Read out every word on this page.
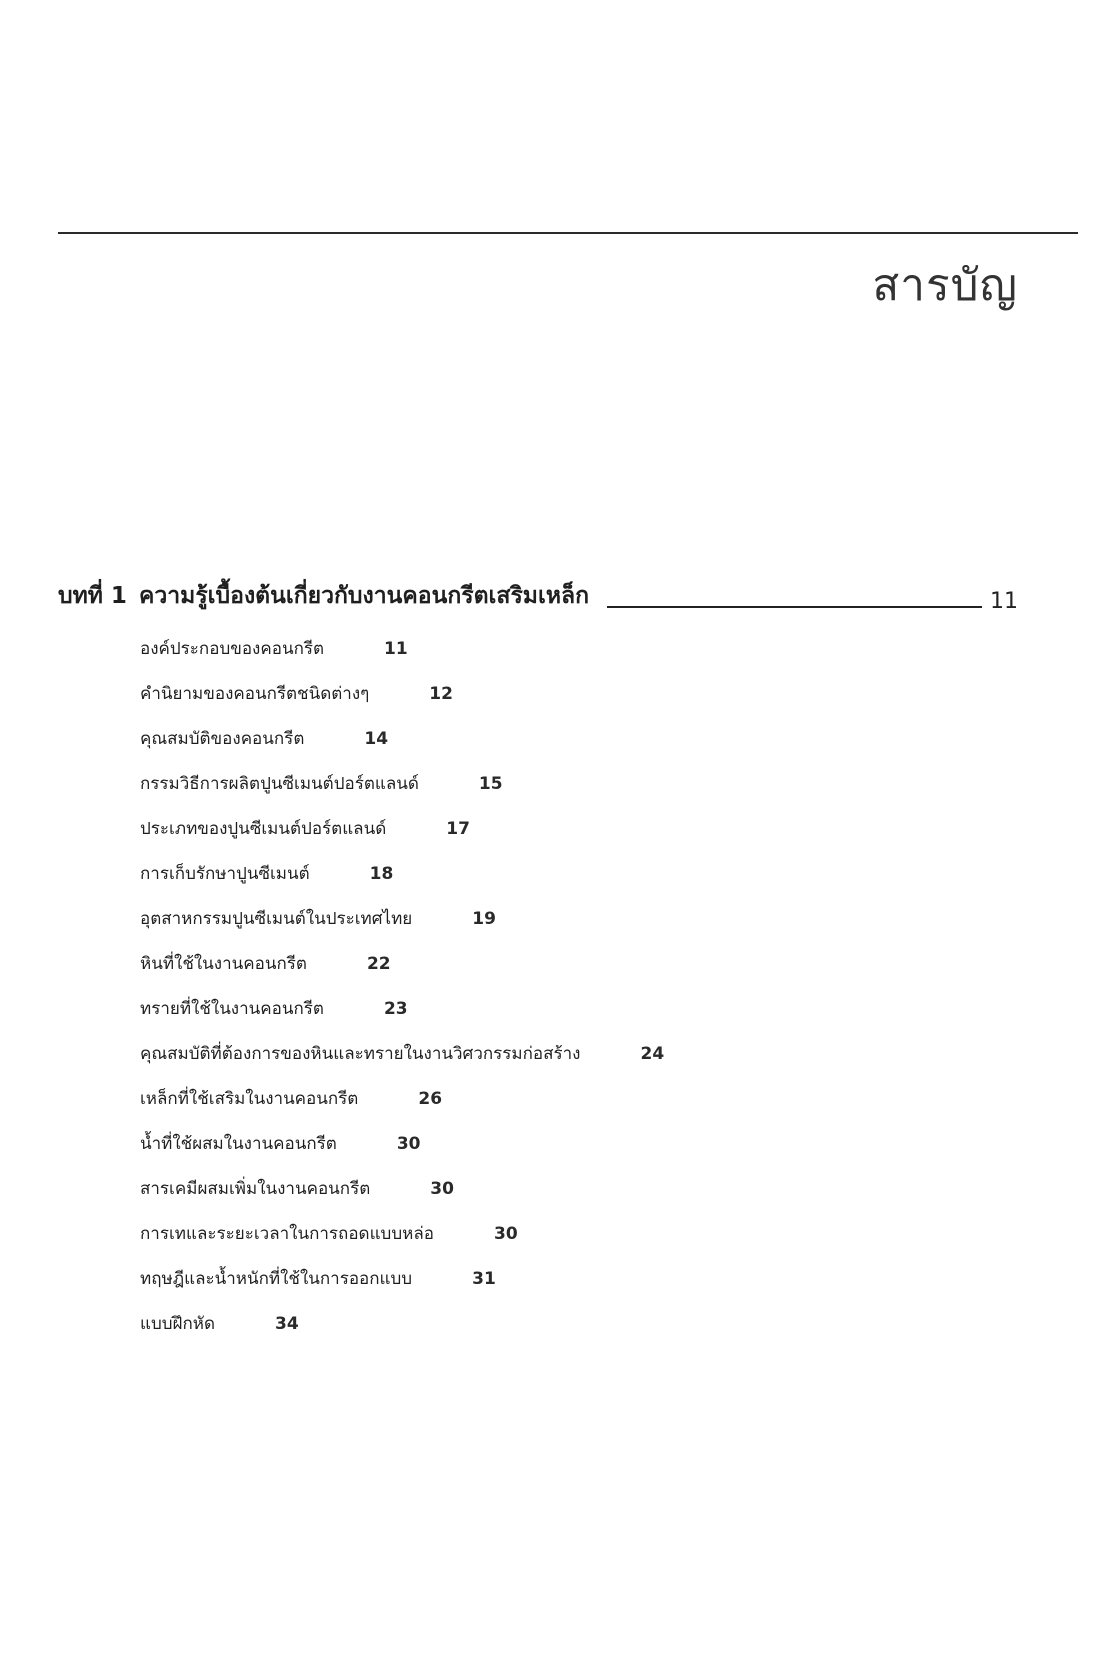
สารบัญ
บทที่ 1 ความรู้เบื้องต้นเกี่ยวกับงานคอนกรีตเสริมเหล็ก	11
องค์ประกอบของคอนกรีต	11
คำนิยามของคอนกรีตชนิดต่างๆ	12
คุณสมบัติของคอนกรีต	14
กรรมวิธีการผลิตปูนซีเมนต์ปอร์ตแลนด์	15
ประเภทของปูนซีเมนต์ปอร์ตแลนด์	17
การเก็บรักษาปูนซีเมนต์	18
อุตสาหกรรมปูนซีเมนต์ในประเทศไทย	19
หินที่ใช้ในงานคอนกรีต	22
ทรายที่ใช้ในงานคอนกรีต	23
คุณสมบัติที่ต้องการของหินและทรายในงานวิศวกรรมก่อสร้าง	24
เหล็กที่ใช้เสริมในงานคอนกรีต	26
น้ำที่ใช้ผสมในงานคอนกรีต	30
สารเคมีผสมเพิ่มในงานคอนกรีต	30
การเทและระยะเวลาในการถอดแบบหล่อ	30
ทฤษฎีและน้ำหนักที่ใช้ในการออกแบบ	31
แบบฝึกหัด	34
